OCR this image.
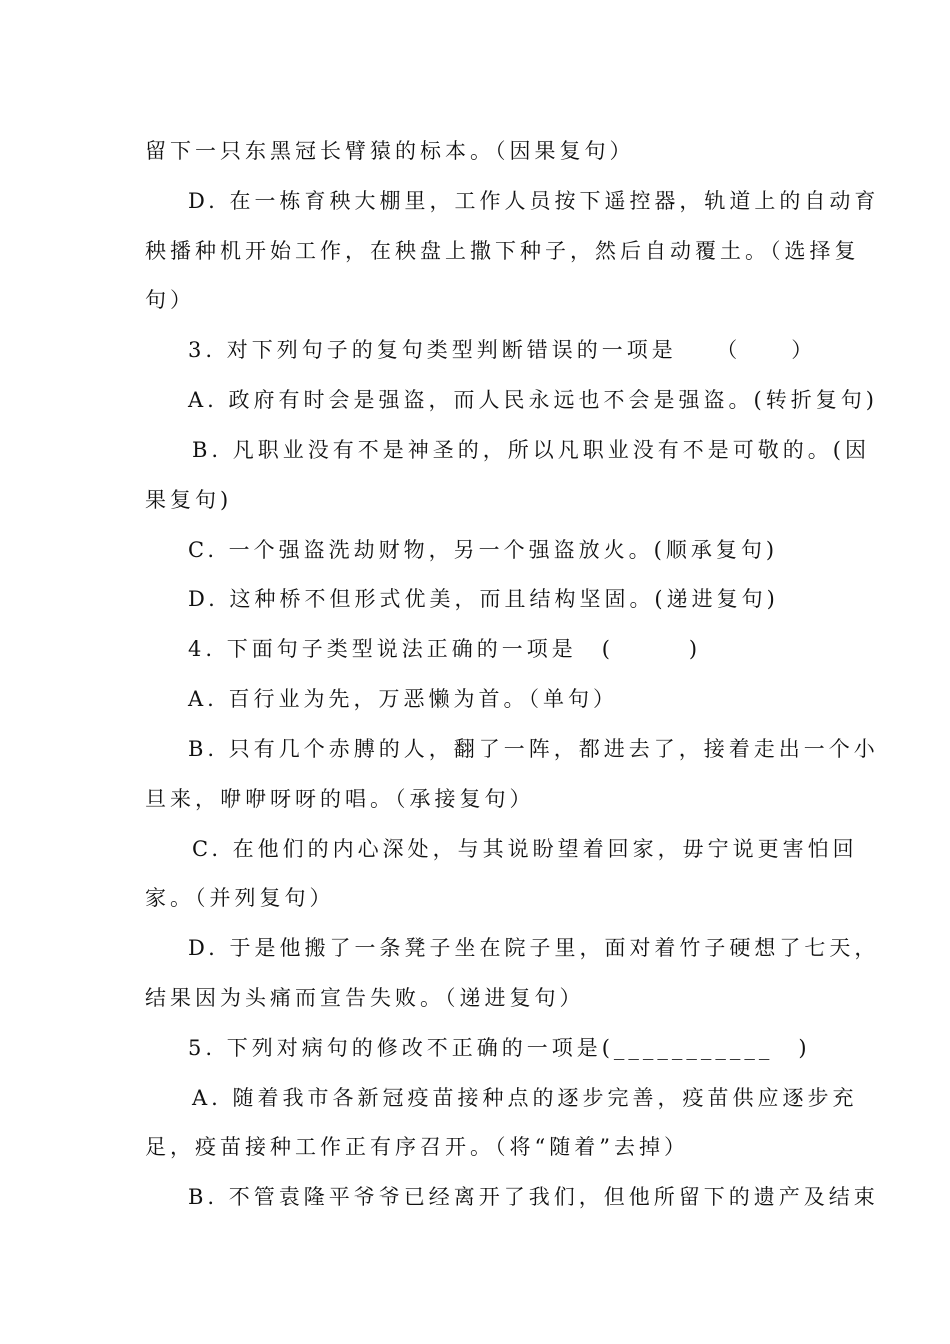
留下一只东黑冠长臂猿的标本。（因果复句）
D. 在一栋育秧大棚里，工作人员按下遥控器，轨道上的自动育
秧播种机开始工作，在秧盘上撒下种子，然后自动覆土。（选择复
句）
3. 对下列句子的复句类型判断错误的一项是　　（　　）
A. 政府有时会是强盗，而人民永远也不会是强盗。(转折复句)
B. 凡职业没有不是神圣的，所以凡职业没有不是可敬的。(因
果复句)
C. 一个强盗洗劫财物，另一个强盗放火。(顺承复句)
D. 这种桥不但形式优美，而且结构坚固。(递进复句)
4. 下面句子类型说法正确的一项是　(　　　)
A. 百行业为先，万恶懒为首。（单句）
B. 只有几个赤膊的人，翻了一阵，都进去了，接着走出一个小
旦来，咿咿呀呀的唱。（承接复句）
C. 在他们的内心深处，与其说盼望着回家，毋宁说更害怕回
家。（并列复句）
D. 于是他搬了一条凳子坐在院子里，面对着竹子硬想了七天，
结果因为头痛而宣告失败。（递进复句）
5. 下列对病句的修改不正确的一项是(___________　)
A. 随着我市各新冠疫苗接种点的逐步完善，疫苗供应逐步充
足，疫苗接种工作正有序召开。（将“随着”去掉）
B. 不管袁隆平爷爷已经离开了我们，但他所留下的遗产及结束
